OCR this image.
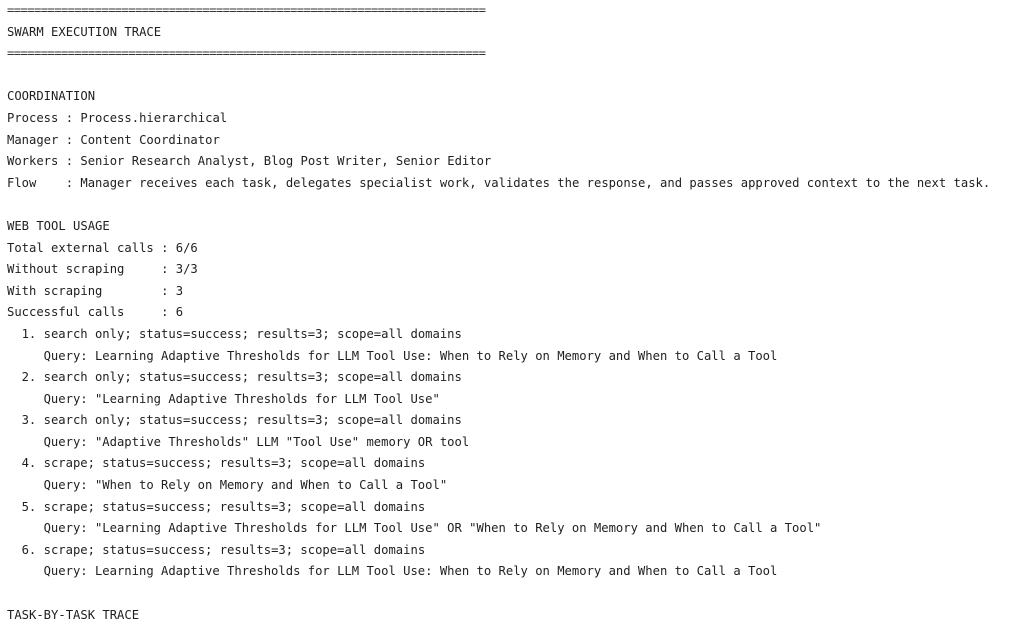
=======================================================================
SWARM EXECUTION TRACE
=======================================================================
COORDINATION
Process : Process.hierarchical
Manager : Content Coordinator
Workers : Senior Research Analyst, Blog Post Writer, Senior Editor
Flow    : Manager receives each task, delegates specialist work, validates the response, and passes approved context to the next task.
WEB TOOL USAGE
Total external calls : 6/6
Without scraping     : 3/3
With scraping        : 3
Successful calls     : 6
1. search only; status=success; results=3; scope=all domains
Query: Learning Adaptive Thresholds for LLM Tool Use: When to Rely on Memory and When to Call a Tool
2. search only; status=success; results=3; scope=all domains
Query: "Learning Adaptive Thresholds for LLM Tool Use"
3. search only; status=success; results=3; scope=all domains
Query: "Adaptive Thresholds" LLM "Tool Use" memory OR tool
4. scrape; status=success; results=3; scope=all domains
Query: "When to Rely on Memory and When to Call a Tool"
5. scrape; status=success; results=3; scope=all domains
Query: "Learning Adaptive Thresholds for LLM Tool Use" OR "When to Rely on Memory and When to Call a Tool"
6. scrape; status=success; results=3; scope=all domains
Query: Learning Adaptive Thresholds for LLM Tool Use: When to Rely on Memory and When to Call a Tool
TASK-BY-TASK TRACE
